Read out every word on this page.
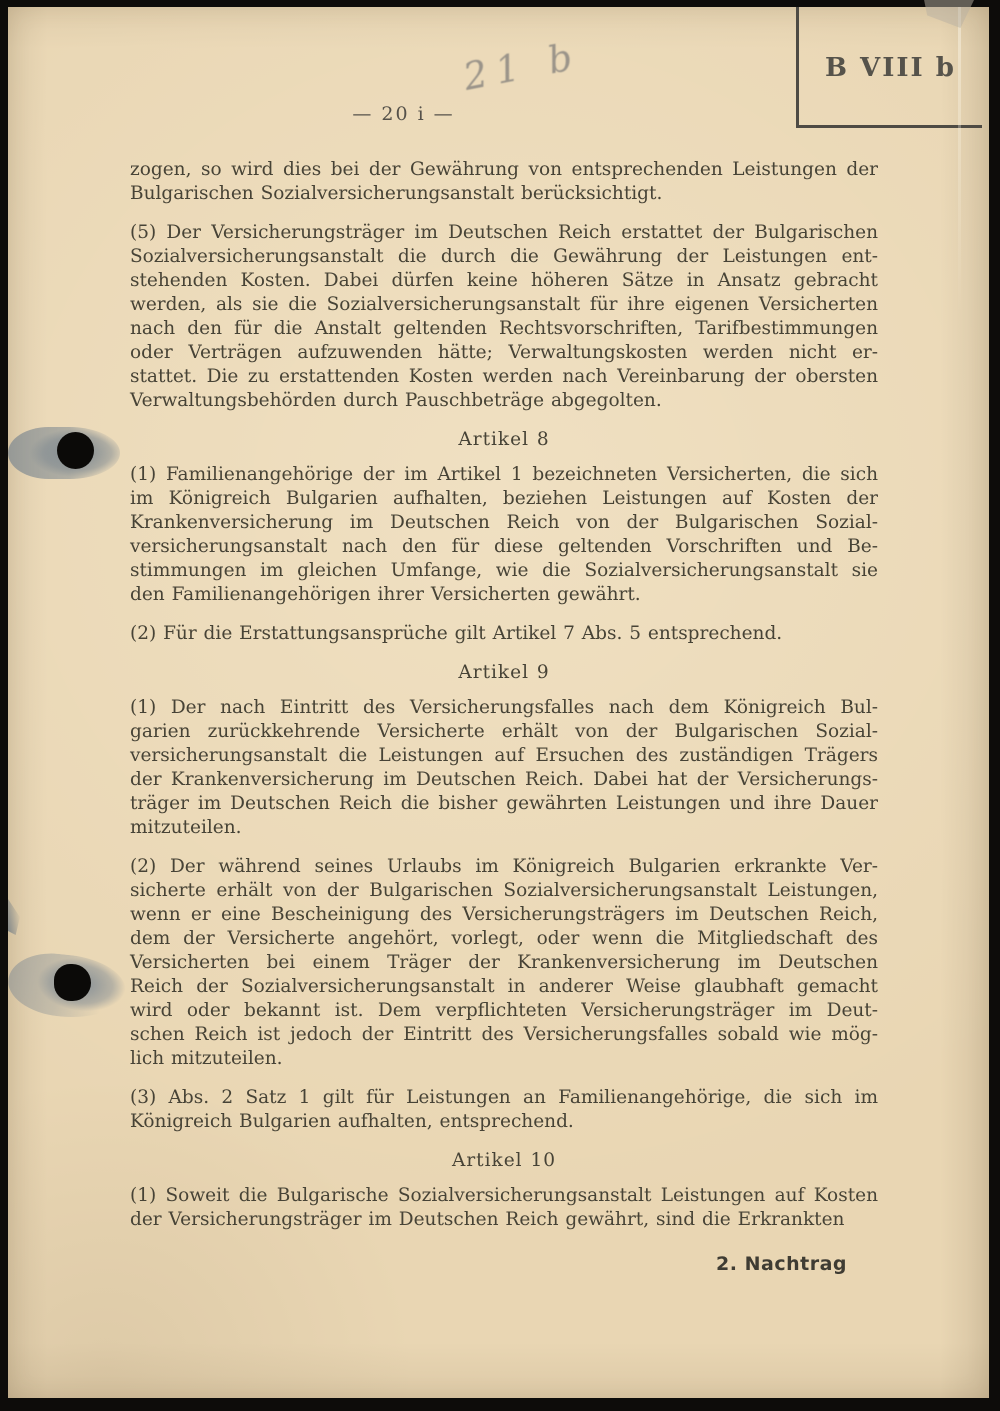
21 b
— 20 i —
B VIII b
zogen, so wird dies bei der Gewährung von entsprechenden Leistungen der
Bulgarischen Sozialversicherungsanstalt berücksichtigt.
(5) Der Versicherungsträger im Deutschen Reich erstattet der Bulgarischen
Sozialversicherungsanstalt die durch die Gewährung der Leistungen ent-
stehenden Kosten. Dabei dürfen keine höheren Sätze in Ansatz gebracht
werden, als sie die Sozialversicherungsanstalt für ihre eigenen Versicherten
nach den für die Anstalt geltenden Rechtsvorschriften, Tarifbestimmungen
oder Verträgen aufzuwenden hätte; Verwaltungskosten werden nicht er-
stattet. Die zu erstattenden Kosten werden nach Vereinbarung der obersten
Verwaltungsbehörden durch Pauschbeträge abgegolten.
Artikel 8
(1) Familienangehörige der im Artikel 1 bezeichneten Versicherten, die sich
im Königreich Bulgarien aufhalten, beziehen Leistungen auf Kosten der
Krankenversicherung im Deutschen Reich von der Bulgarischen Sozial-
versicherungsanstalt nach den für diese geltenden Vorschriften und Be-
stimmungen im gleichen Umfange, wie die Sozialversicherungsanstalt sie
den Familienangehörigen ihrer Versicherten gewährt.
(2) Für die Erstattungsansprüche gilt Artikel 7 Abs. 5 entsprechend.
Artikel 9
(1) Der nach Eintritt des Versicherungsfalles nach dem Königreich Bul-
garien zurückkehrende Versicherte erhält von der Bulgarischen Sozial-
versicherungsanstalt die Leistungen auf Ersuchen des zuständigen Trägers
der Krankenversicherung im Deutschen Reich. Dabei hat der Versicherungs-
träger im Deutschen Reich die bisher gewährten Leistungen und ihre Dauer
mitzuteilen.
(2) Der während seines Urlaubs im Königreich Bulgarien erkrankte Ver-
sicherte erhält von der Bulgarischen Sozialversicherungsanstalt Leistungen,
wenn er eine Bescheinigung des Versicherungsträgers im Deutschen Reich,
dem der Versicherte angehört, vorlegt, oder wenn die Mitgliedschaft des
Versicherten bei einem Träger der Krankenversicherung im Deutschen
Reich der Sozialversicherungsanstalt in anderer Weise glaubhaft gemacht
wird oder bekannt ist. Dem verpflichteten Versicherungsträger im Deut-
schen Reich ist jedoch der Eintritt des Versicherungsfalles sobald wie mög-
lich mitzuteilen.
(3) Abs. 2 Satz 1 gilt für Leistungen an Familienangehörige, die sich im
Königreich Bulgarien aufhalten, entsprechend.
Artikel 10
(1) Soweit die Bulgarische Sozialversicherungsanstalt Leistungen auf Kosten
der Versicherungsträger im Deutschen Reich gewährt, sind die Erkrankten
2. Nachtrag
